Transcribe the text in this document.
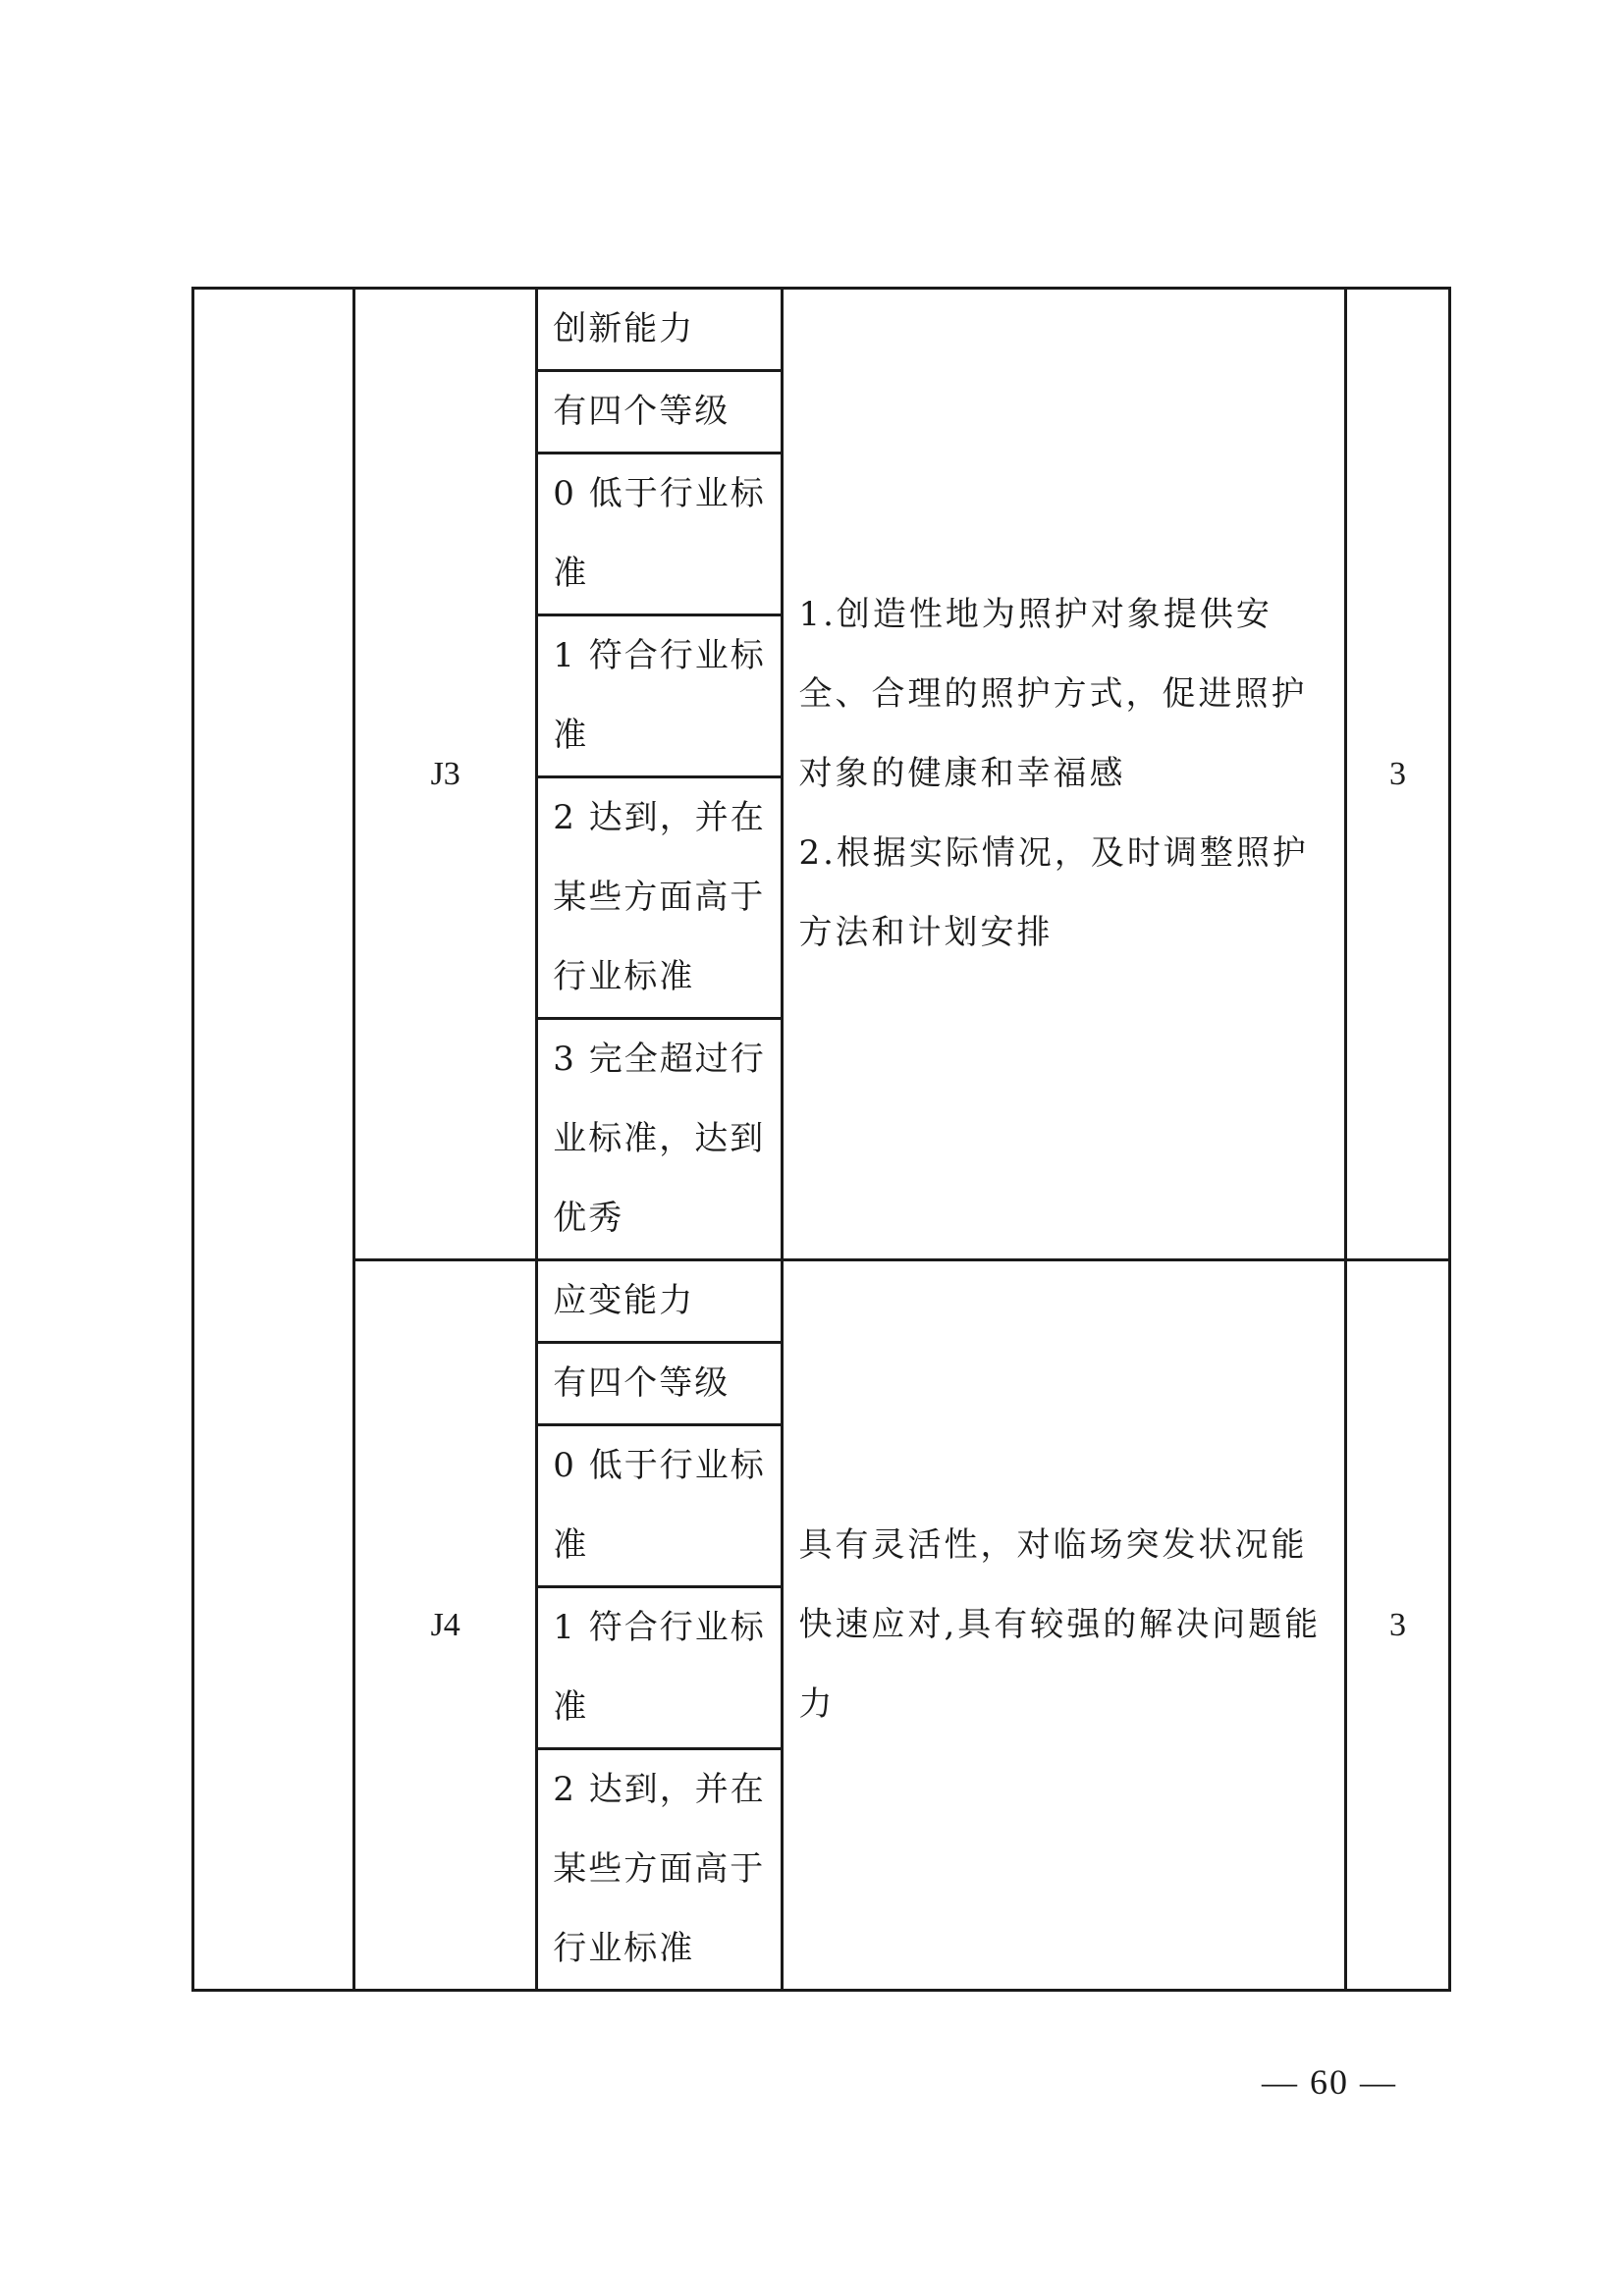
	J3	创新能力	1.创造性地为照护对象提供安全、合理的照护方式，促进照护对象的健康和幸福感
2.根据实际情况，及时调整照护方法和计划安排	3
		有四个等级		
		0 低于行业标准		
		1 符合行业标准		
		2 达到，并在某些方面高于行业标准		
		3 完全超过行业标准，达到优秀		
	J4	应变能力	具有灵活性，对临场突发状况能快速应对,具有较强的解决问题能力	3
		有四个等级		
		0 低于行业标准		
		1 符合行业标准		
		2 达到，并在某些方面高于行业标准		
— 60 —
